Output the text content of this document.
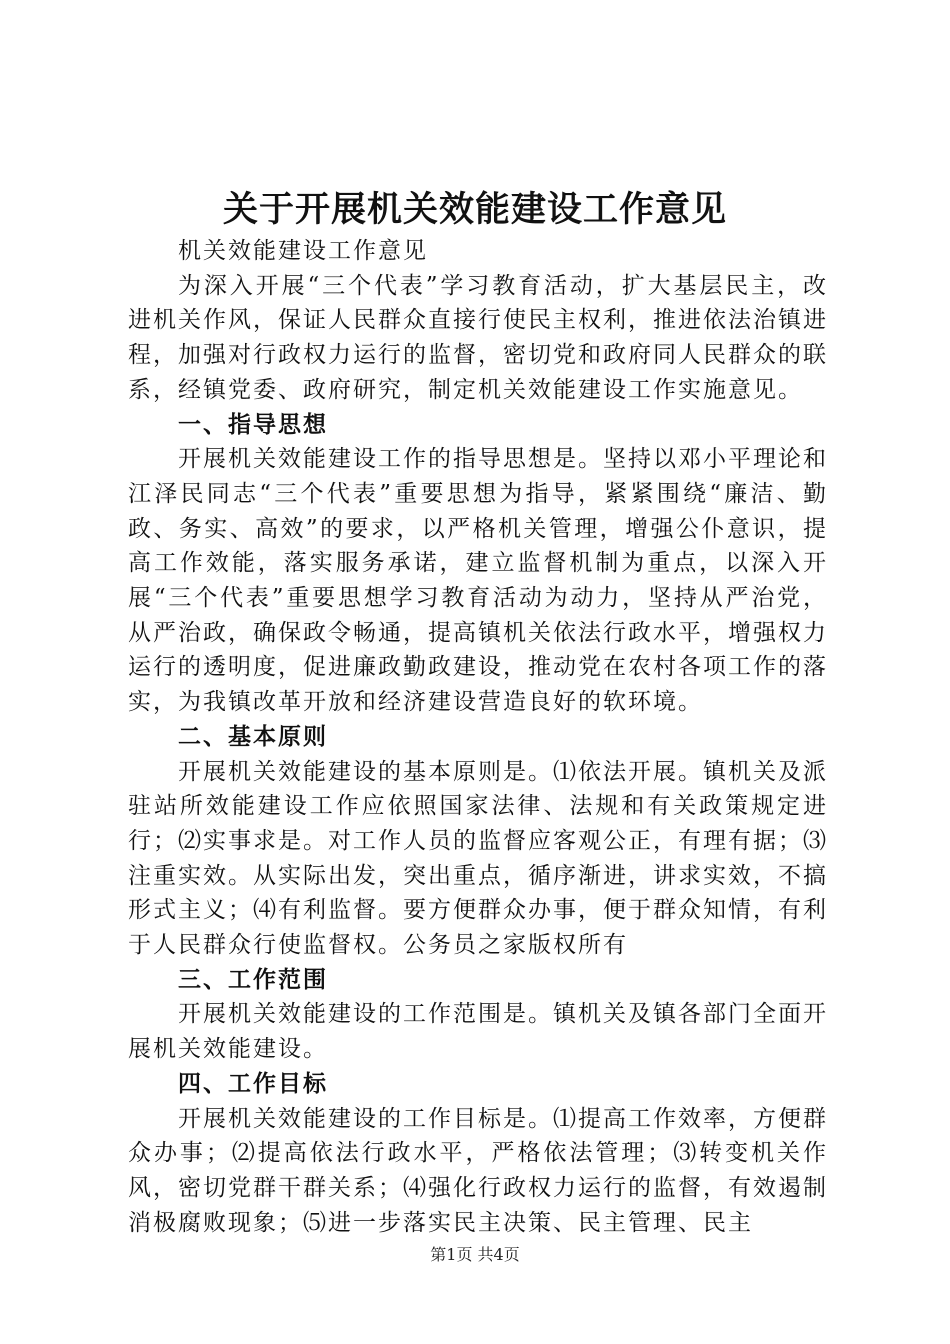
关于开展机关效能建设工作意见

机关效能建设工作意见

为深入开展“三个代表”学习教育活动，扩大基层民主，改进机关作风，保证人民群众直接行使民主权利，推进依法治镇进程，加强对行政权力运行的监督，密切党和政府同人民群众的联系，经镇党委、政府研究，制定机关效能建设工作实施意见。

一、指导思想

开展机关效能建设工作的指导思想是。坚持以邓小平理论和江泽民同志“三个代表”重要思想为指导，紧紧围绕“廉洁、勤政、务实、高效”的要求，以严格机关管理，增强公仆意识，提高工作效能，落实服务承诺，建立监督机制为重点，以深入开展“三个代表”重要思想学习教育活动为动力，坚持从严治党，从严治政，确保政令畅通，提高镇机关依法行政水平，增强权力运行的透明度，促进廉政勤政建设，推动党在农村各项工作的落实，为我镇改革开放和经济建设营造良好的软环境。

二、基本原则

开展机关效能建设的基本原则是。⑴依法开展。镇机关及派驻站所效能建设工作应依照国家法律、法规和有关政策规定进行；⑵实事求是。对工作人员的监督应客观公正，有理有据；⑶注重实效。从实际出发，突出重点，循序渐进，讲求实效，不搞形式主义；⑷有利监督。要方便群众办事，便于群众知情，有利于人民群众行使监督权。公务员之家版权所有

三、工作范围

开展机关效能建设的工作范围是。镇机关及镇各部门全面开展机关效能建设。

四、工作目标

开展机关效能建设的工作目标是。⑴提高工作效率，方便群众办事；⑵提高依法行政水平，严格依法管理；⑶转变机关作风，密切党群干群关系；⑷强化行政权力运行的监督，有效遏制消极腐败现象；⑸进一步落实民主决策、民主管理、民主

第1页 共4页
